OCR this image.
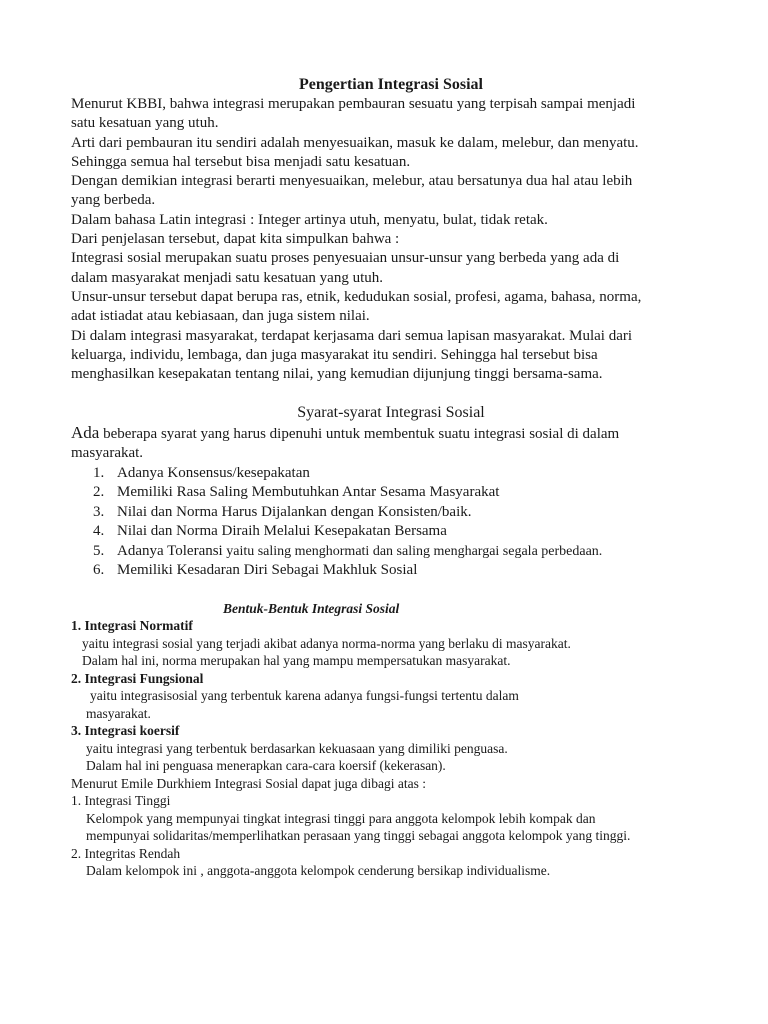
Pengertian Integrasi Sosial

Menurut KBBI, bahwa integrasi merupakan pembauran sesuatu yang terpisah sampai menjadi

satu kesatuan yang utuh.

Arti dari pembauran itu sendiri adalah menyesuaikan, masuk ke dalam, melebur, dan menyatu.

Sehingga semua hal tersebut bisa menjadi satu kesatuan.

Dengan demikian integrasi berarti menyesuaikan, melebur, atau bersatunya dua hal atau lebih

yang berbeda.

Dalam bahasa Latin integrasi : Integer artinya utuh, menyatu, bulat, tidak retak.

Dari penjelasan tersebut, dapat kita simpulkan bahwa :

Integrasi sosial merupakan suatu proses penyesuaian unsur-unsur yang berbeda yang ada di

dalam masyarakat menjadi satu kesatuan yang utuh.

Unsur-unsur tersebut dapat berupa ras, etnik, kedudukan sosial, profesi, agama, bahasa, norma,

adat istiadat atau kebiasaan, dan juga sistem nilai.

Di dalam integrasi masyarakat, terdapat kerjasama dari semua lapisan masyarakat. Mulai dari

keluarga, individu, lembaga, dan juga masyarakat itu sendiri. Sehingga hal tersebut bisa

menghasilkan kesepakatan tentang nilai, yang kemudian dijunjung tinggi bersama-sama.

Syarat-syarat Integrasi Sosial

Ada beberapa syarat yang harus dipenuhi untuk membentuk suatu integrasi sosial di dalam

masyarakat.

1. Adanya Konsensus/kesepakatan
2. Memiliki Rasa Saling Membutuhkan Antar Sesama Masyarakat
3. Nilai dan Norma Harus Dijalankan dengan Konsisten/baik.
4. Nilai dan Norma Diraih Melalui Kesepakatan Bersama
5. Adanya Toleransi yaitu saling menghormati dan saling menghargai segala perbedaan.
6. Memiliki Kesadaran Diri Sebagai Makhluk Sosial
Bentuk-Bentuk Integrasi Sosial

1. Integrasi Normatif

yaitu integrasi sosial yang terjadi akibat adanya norma-norma yang berlaku di masyarakat.

Dalam hal ini, norma merupakan hal yang mampu mempersatukan masyarakat.

2. Integrasi Fungsional

yaitu integrasisosial yang terbentuk karena adanya fungsi-fungsi tertentu dalam

masyarakat.

3. Integrasi koersif

yaitu integrasi yang terbentuk berdasarkan kekuasaan yang dimiliki penguasa.

Dalam hal ini penguasa menerapkan cara-cara koersif (kekerasan).

Menurut Emile Durkhiem Integrasi Sosial dapat juga dibagi atas :

1. Integrasi Tinggi

Kelompok yang mempunyai tingkat integrasi tinggi para anggota kelompok lebih kompak dan

mempunyai solidaritas/memperlihatkan perasaan yang tinggi sebagai anggota kelompok yang tinggi.

2. Integritas Rendah

Dalam kelompok ini , anggota-anggota kelompok cenderung bersikap individualisme.
